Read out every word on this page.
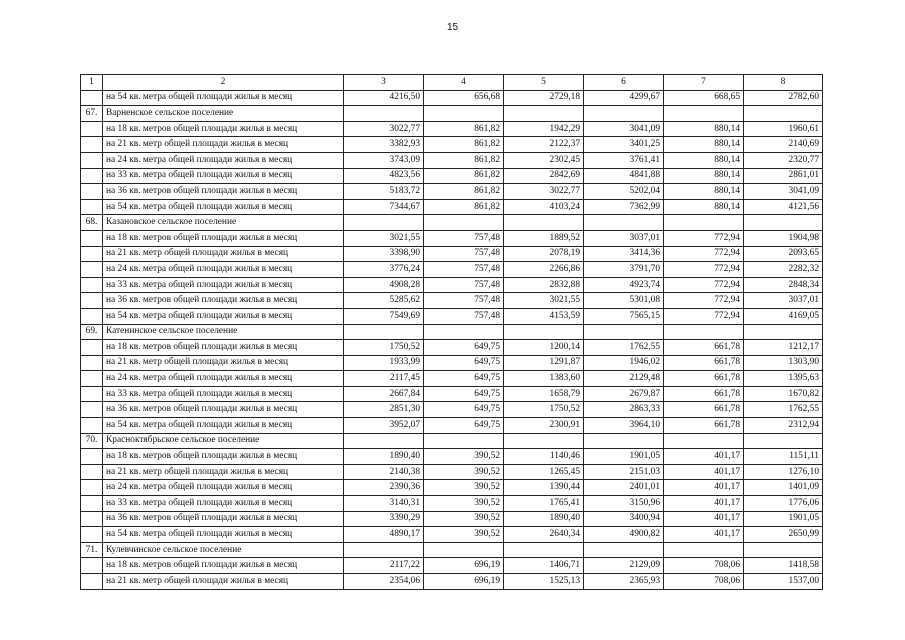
15
1	2	3	4	5	6	7	8
	на 54 кв. метра общей площади жилья в месяц	4216,50	656,68	2729,18	4299,67	668,65	2782,60
67.	Варненское сельское поселение						
	на 18 кв. метров общей площади жилья в месяц	3022,77	861,82	1942,29	3041,09	880,14	1960,61
	на 21 кв. метр общей площади жилья в месяц	3382,93	861,82	2122,37	3401,25	880,14	2140,69
	на 24 кв. метра общей площади жилья в месяц	3743,09	861,82	2302,45	3761,41	880,14	2320,77
	на 33 кв. метра общей площади жилья в месяц	4823,56	861,82	2842,69	4841,88	880,14	2861,01
	на 36 кв. метров общей площади жилья в месяц	5183,72	861,82	3022,77	5202,04	880,14	3041,09
	на 54 кв. метра общей площади жилья в месяц	7344,67	861,82	4103,24	7362,99	880,14	4121,56
68.	Казановское сельское поселение						
	на 18 кв. метров общей площади жилья в месяц	3021,55	757,48	1889,52	3037,01	772,94	1904,98
	на 21 кв. метр общей площади жилья в месяц	3398,90	757,48	2078,19	3414,36	772,94	2093,65
	на 24 кв. метра общей площади жилья в месяц	3776,24	757,48	2266,86	3791,70	772,94	2282,32
	на 33 кв. метра общей площади жилья в месяц	4908,28	757,48	2832,88	4923,74	772,94	2848,34
	на 36 кв. метров общей площади жилья в месяц	5285,62	757,48	3021,55	5301,08	772,94	3037,01
	на 54 кв. метра общей площади жилья в месяц	7549,69	757,48	4153,59	7565,15	772,94	4169,05
69.	Катенинское сельское поселение						
	на 18 кв. метров общей площади жилья в месяц	1750,52	649,75	1200,14	1762,55	661,78	1212,17
	на 21 кв. метр общей площади жилья в месяц	1933,99	649,75	1291,87	1946,02	661,78	1303,90
	на 24 кв. метра общей площади жилья в месяц	2117,45	649,75	1383,60	2129,48	661,78	1395,63
	на 33 кв. метра общей площади жилья в месяц	2667,84	649,75	1658,79	2679,87	661,78	1670,82
	на 36 кв. метров общей площади жилья в месяц	2851,30	649,75	1750,52	2863,33	661,78	1762,55
	на 54 кв. метра общей площади жилья в месяц	3952,07	649,75	2300,91	3964,10	661,78	2312,94
70.	Красноктябрьское сельское поселение						
	на 18 кв. метров общей площади жилья в месяц	1890,40	390,52	1140,46	1901,05	401,17	1151,11
	на 21 кв. метр общей площади жилья в месяц	2140,38	390,52	1265,45	2151,03	401,17	1276,10
	на 24 кв. метра общей площади жилья в месяц	2390,36	390,52	1390,44	2401,01	401,17	1401,09
	на 33 кв. метра общей площади жилья в месяц	3140,31	390,52	1765,41	3150,96	401,17	1776,06
	на 36 кв. метров общей площади жилья в месяц	3390,29	390,52	1890,40	3400,94	401,17	1901,05
	на 54 кв. метра общей площади жилья в месяц	4890,17	390,52	2640,34	4900,82	401,17	2650,99
71.	Кулевчинское сельское поселение						
	на 18 кв. метров общей площади жилья в месяц	2117,22	696,19	1406,71	2129,09	708,06	1418,58
	на 21 кв. метр общей площади жилья в месяц	2354,06	696,19	1525,13	2365,93	708,06	1537,00
